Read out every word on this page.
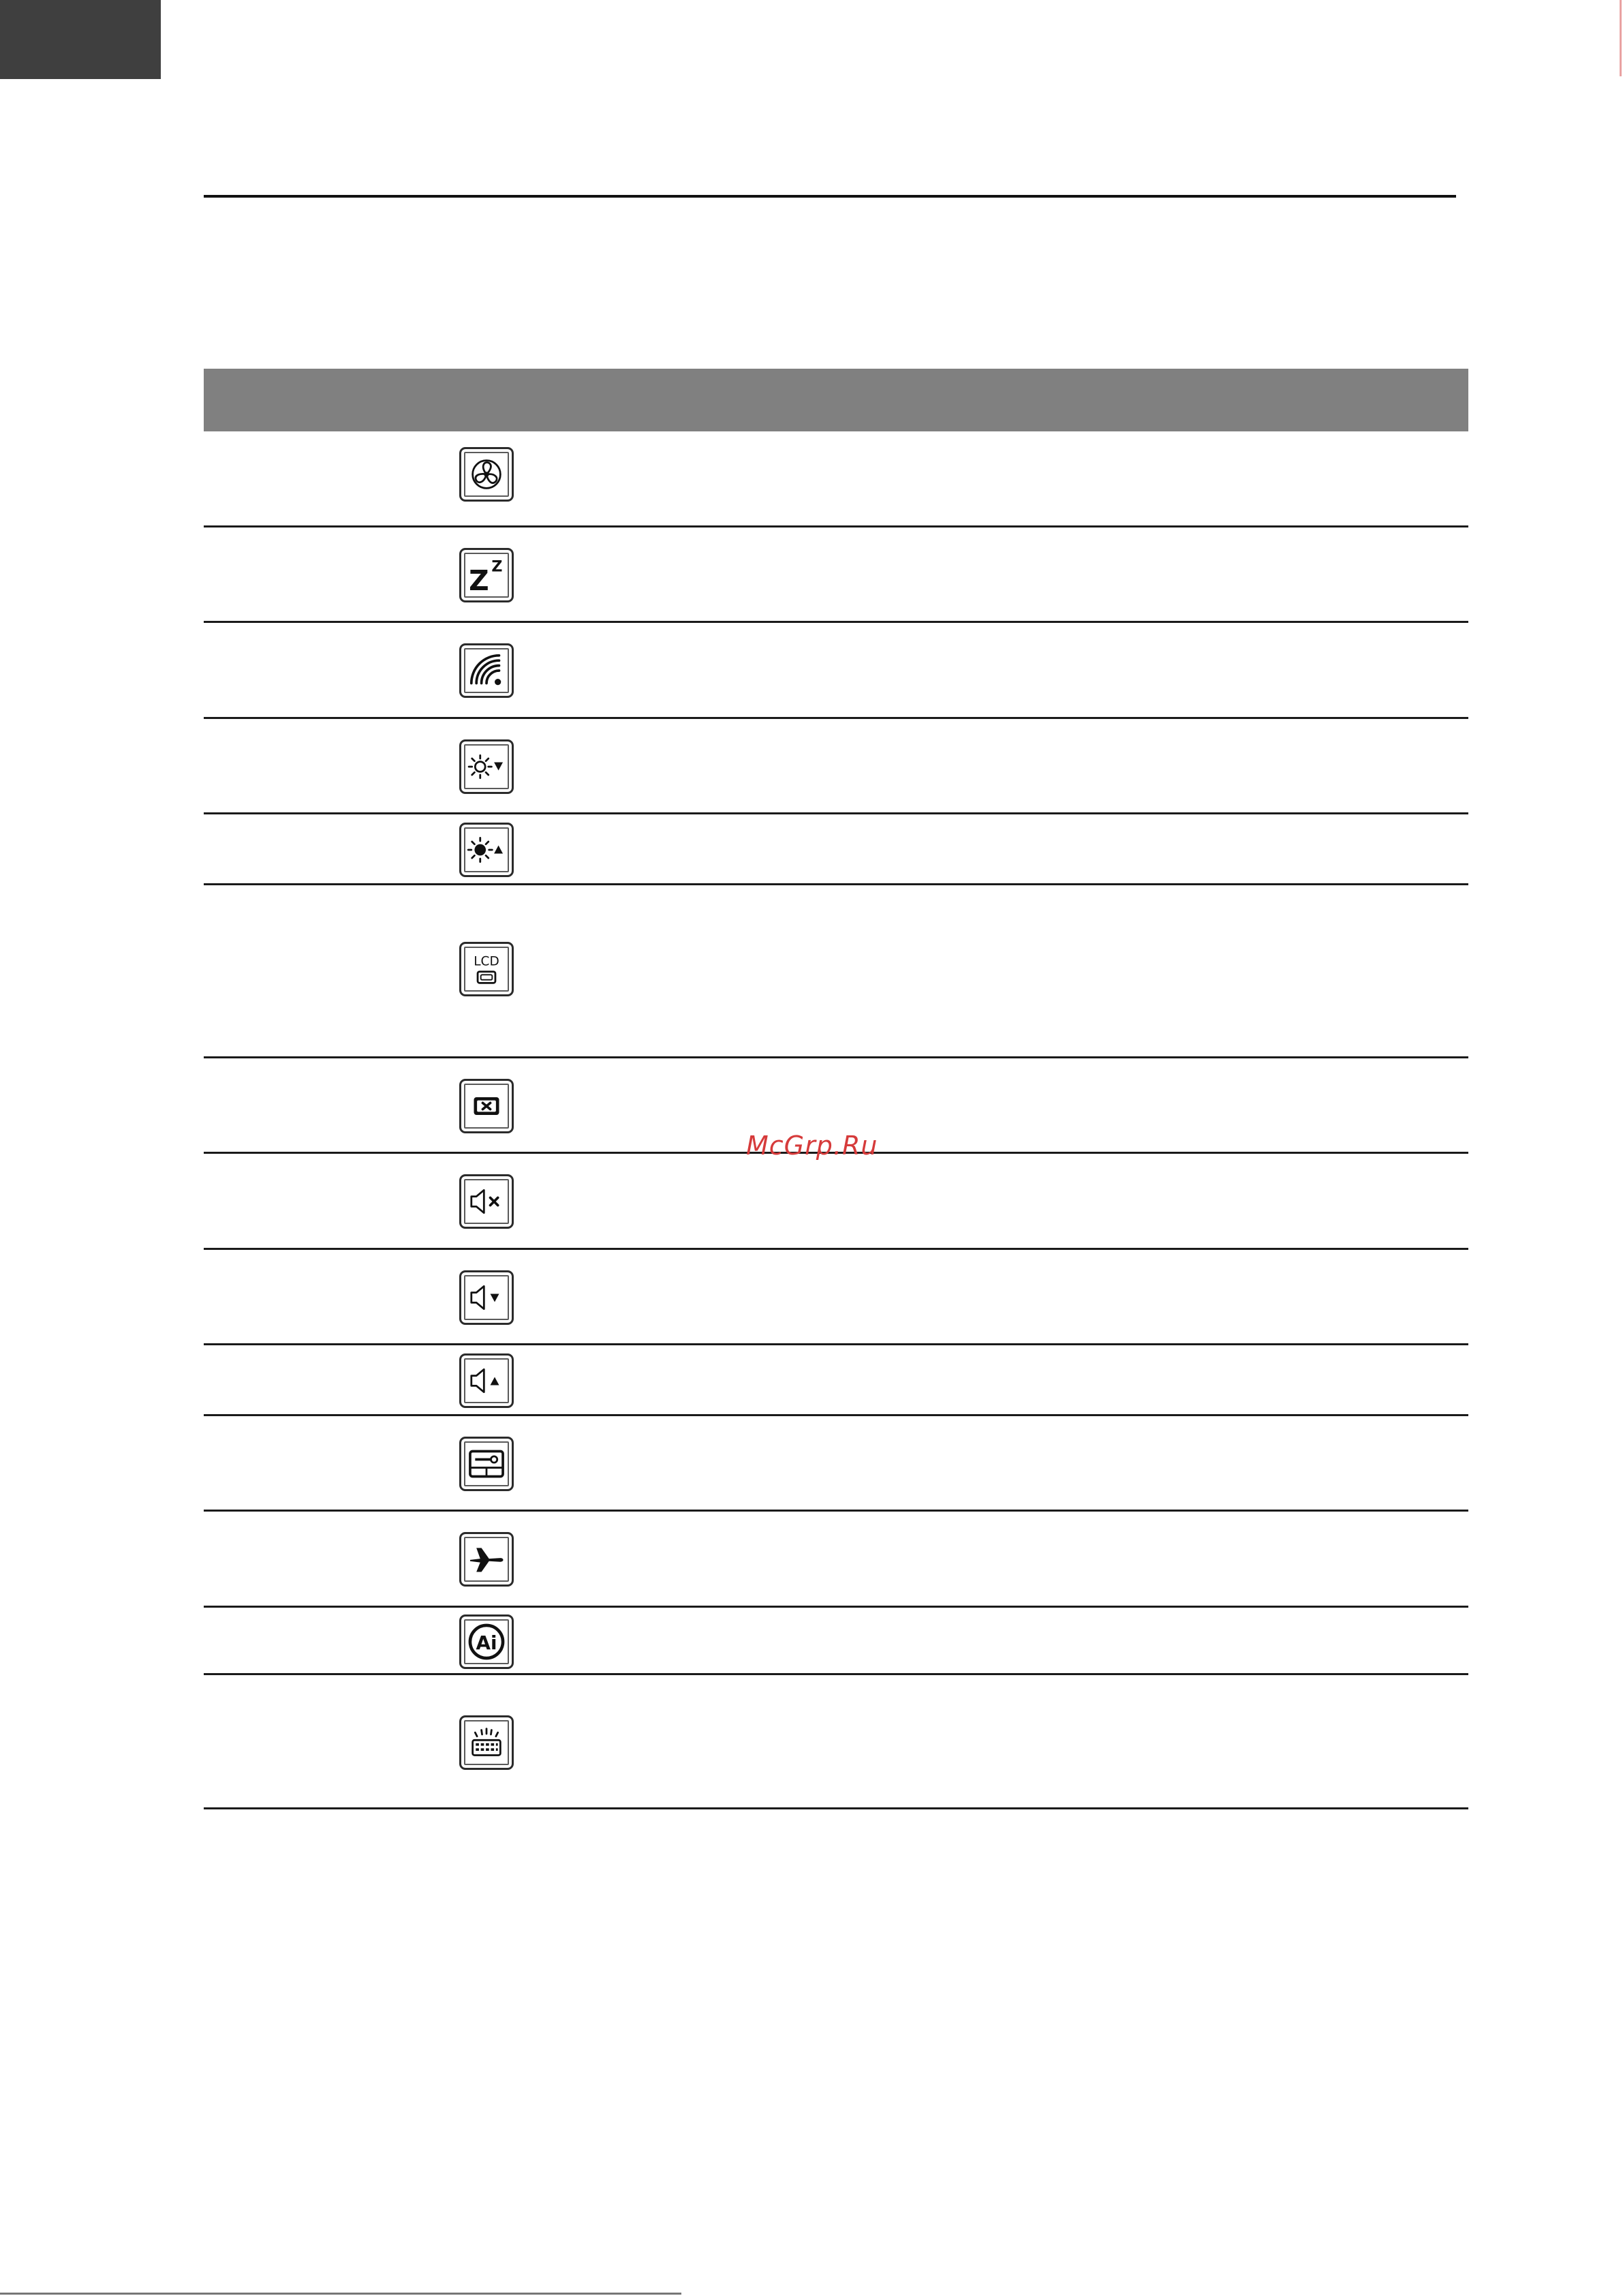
Z Z
LCD
Ai
McGrp.Ru
